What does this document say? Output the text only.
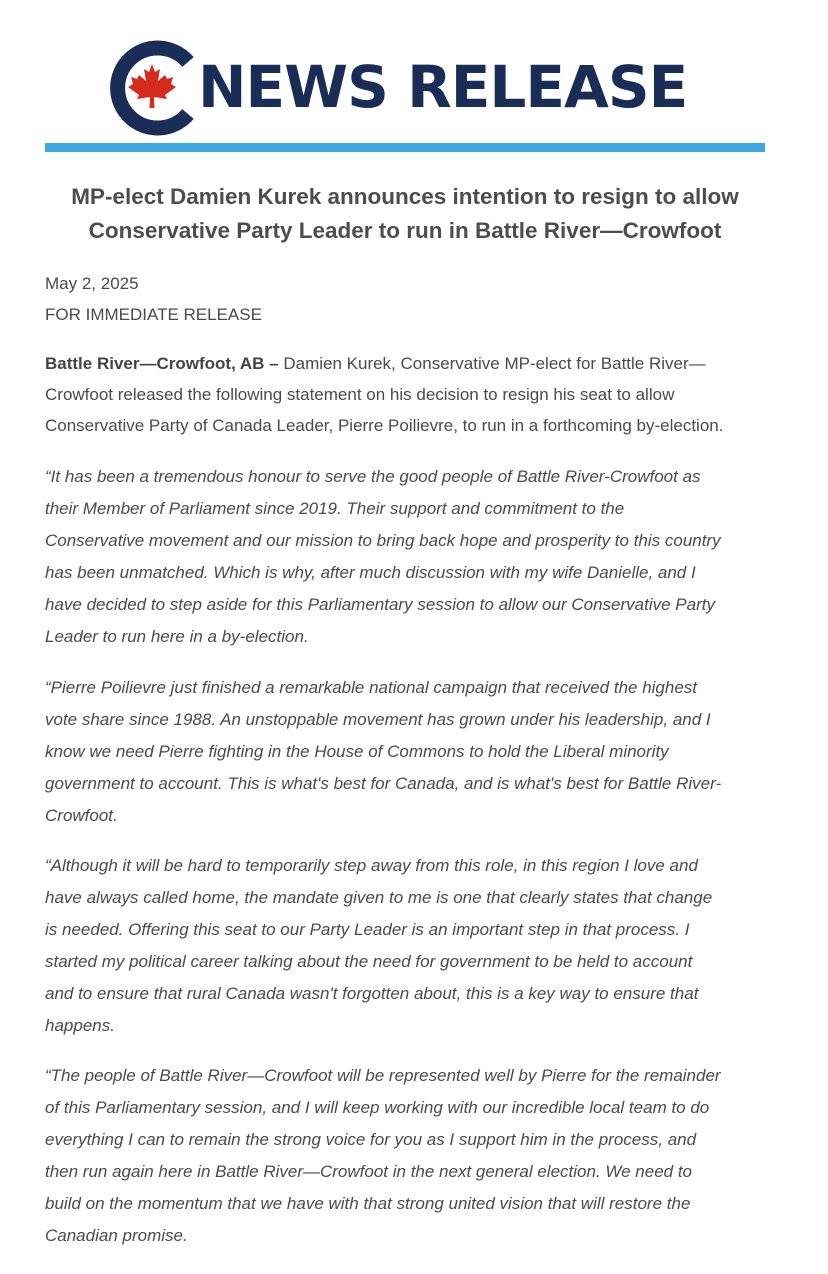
NEWS RELEASE
MP-elect Damien Kurek announces intention to resign to allow
Conservative Party Leader to run in Battle River—Crowfoot
May 2, 2025
FOR IMMEDIATE RELEASE
Battle River—Crowfoot, AB – Damien Kurek, Conservative MP-elect for Battle River—
Crowfoot released the following statement on his decision to resign his seat to allow
Conservative Party of Canada Leader, Pierre Poilievre, to run in a forthcoming by-election.
“It has been a tremendous honour to serve the good people of Battle River-Crowfoot as
their Member of Parliament since 2019. Their support and commitment to the
Conservative movement and our mission to bring back hope and prosperity to this country
has been unmatched. Which is why, after much discussion with my wife Danielle, and I
have decided to step aside for this Parliamentary session to allow our Conservative Party
Leader to run here in a by-election.
“Pierre Poilievre just finished a remarkable national campaign that received the highest
vote share since 1988. An unstoppable movement has grown under his leadership, and I
know we need Pierre fighting in the House of Commons to hold the Liberal minority
government to account. This is what's best for Canada, and is what's best for Battle River-
Crowfoot.
“Although it will be hard to temporarily step away from this role, in this region I love and
have always called home, the mandate given to me is one that clearly states that change
is needed. Offering this seat to our Party Leader is an important step in that process. I
started my political career talking about the need for government to be held to account
and to ensure that rural Canada wasn't forgotten about, this is a key way to ensure that
happens.
“The people of Battle River—Crowfoot will be represented well by Pierre for the remainder
of this Parliamentary session, and I will keep working with our incredible local team to do
everything I can to remain the strong voice for you as I support him in the process, and
then run again here in Battle River—Crowfoot in the next general election. We need to
build on the momentum that we have with that strong united vision that will restore the
Canadian promise.
